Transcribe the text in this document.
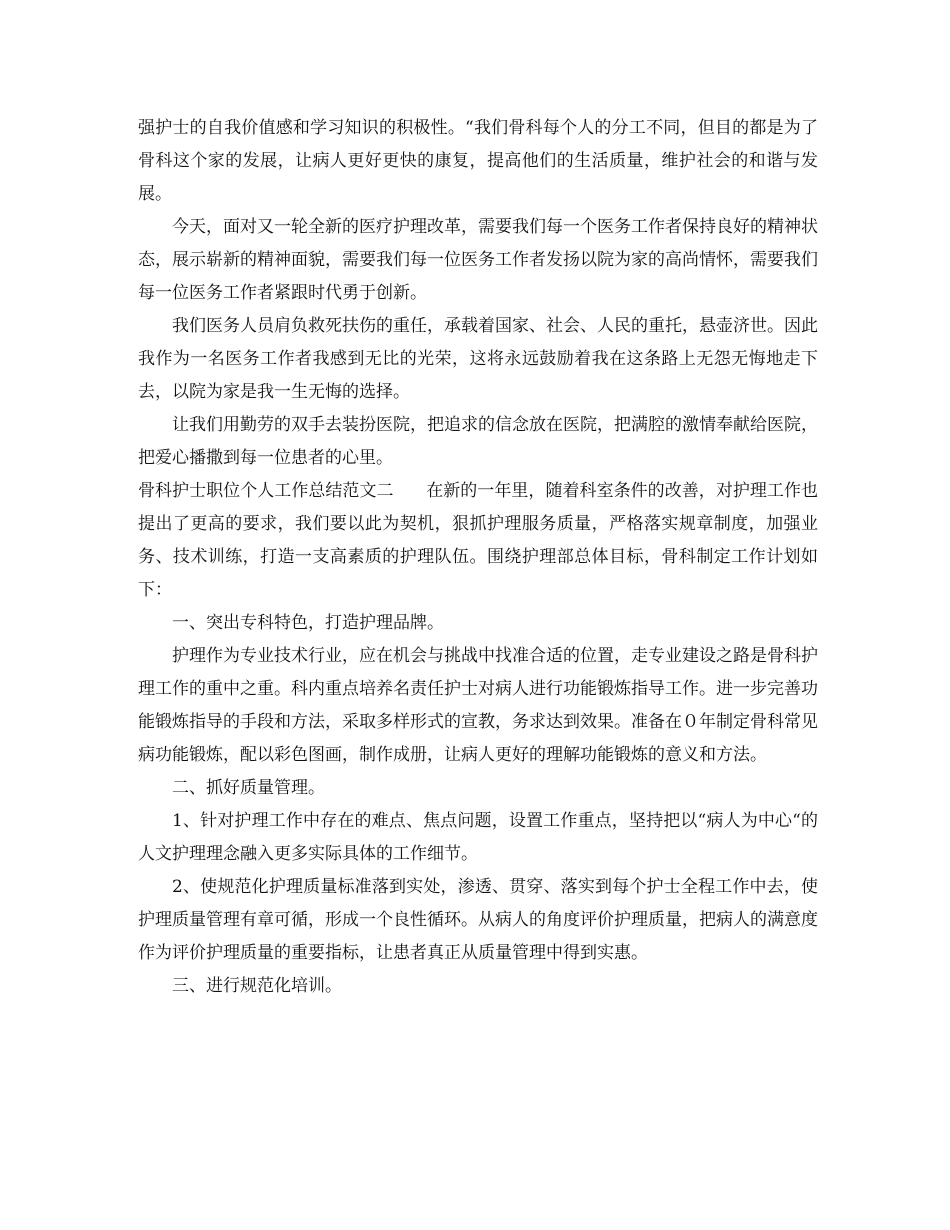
强护士的自我价值感和学习知识的积极性。“我们骨科每个人的分工不同，但目的都是为了骨科这个家的发展，让病人更好更快的康复，提高他们的生活质量，维护社会的和谐与发展。

今天，面对又一轮全新的医疗护理改革，需要我们每一个医务工作者保持良好的精神状态，展示崭新的精神面貌，需要我们每一位医务工作者发扬以院为家的高尚情怀，需要我们每一位医务工作者紧跟时代勇于创新。

我们医务人员肩负救死扶伤的重任，承载着国家、社会、人民的重托，悬壶济世。因此我作为一名医务工作者我感到无比的光荣，这将永远鼓励着我在这条路上无怨无悔地走下去，以院为家是我一生无悔的选择。

让我们用勤劳的双手去装扮医院，把追求的信念放在医院，把满腔的激情奉献给医院，把爱心播撒到每一位患者的心里。

骨科护士职位个人工作总结范文二 在新的一年里，随着科室条件的改善，对护理工作也提出了更高的要求，我们要以此为契机，狠抓护理服务质量，严格落实规章制度，加强业务、技术训练，打造一支高素质的护理队伍。围绕护理部总体目标，骨科制定工作计划如下：

一、突出专科特色，打造护理品牌。

护理作为专业技术行业，应在机会与挑战中找准合适的位置，走专业建设之路是骨科护理工作的重中之重。科内重点培养名责任护士对病人进行功能锻炼指导工作。进一步完善功能锻炼指导的手段和方法，采取多样形式的宣教，务求达到效果。准备在０年制定骨科常见病功能锻炼，配以彩色图画，制作成册，让病人更好的理解功能锻炼的意义和方法。

二、抓好质量管理。

1、针对护理工作中存在的难点、焦点问题，设置工作重点，坚持把以“病人为中心“的人文护理理念融入更多实际具体的工作细节。

2、使规范化护理质量标准落到实处，渗透、贯穿、落实到每个护士全程工作中去，使护理质量管理有章可循，形成一个良性循环。从病人的角度评价护理质量，把病人的满意度作为评价护理质量的重要指标，让患者真正从质量管理中得到实惠。

三、进行规范化培训。
